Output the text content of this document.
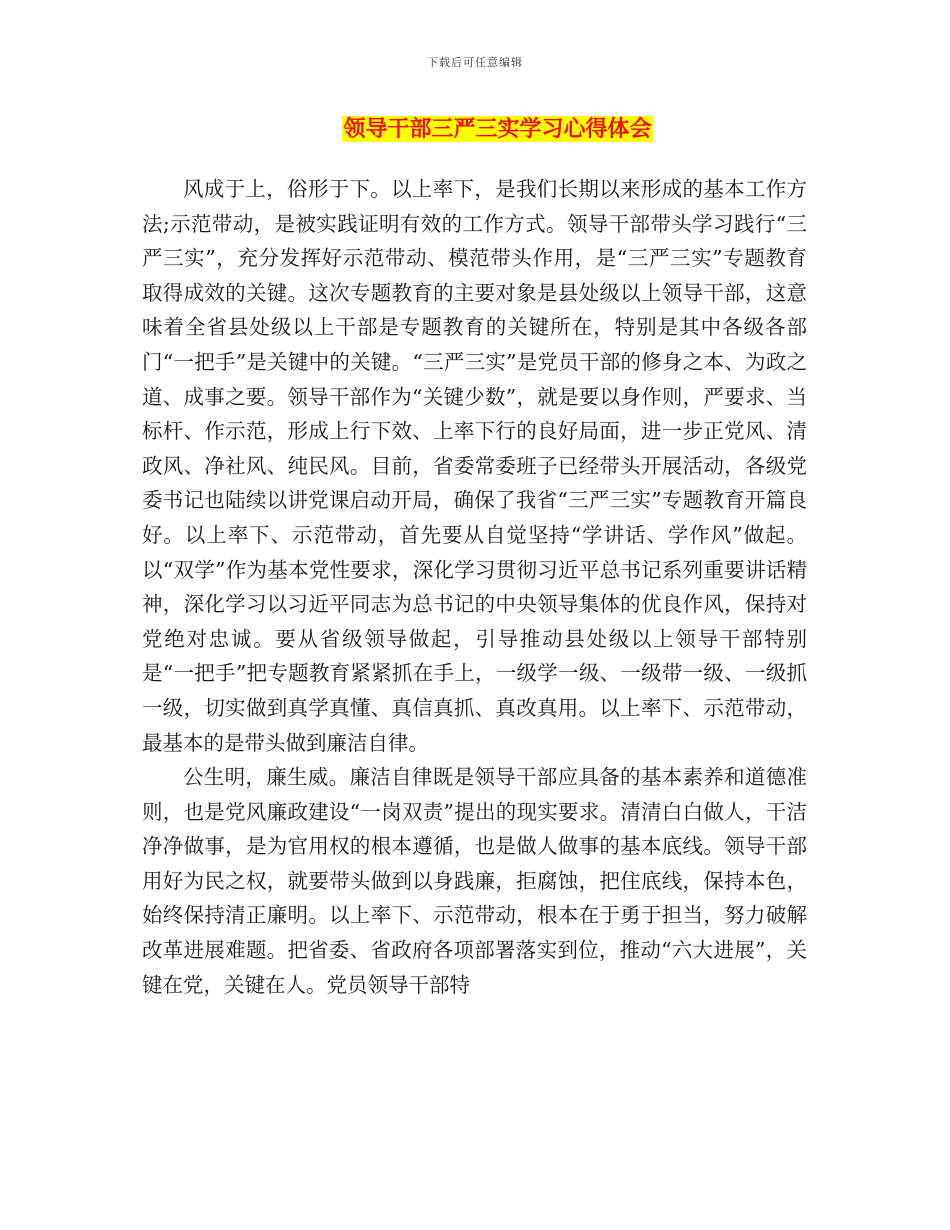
下载后可任意编辑
领导干部三严三实学习心得体会

风成于上，俗形于下。以上率下，是我们长期以来形成的基本工作方法;示范带动，是被实践证明有效的工作方式。领导干部带头学习践行“三严三实”，充分发挥好示范带动、模范带头作用，是“三严三实”专题教育取得成效的关键。这次专题教育的主要对象是县处级以上领导干部，这意味着全省县处级以上干部是专题教育的关键所在，特别是其中各级各部门“一把手”是关键中的关键。“三严三实”是党员干部的修身之本、为政之道、成事之要。领导干部作为“关键少数”，就是要以身作则，严要求、当标杆、作示范，形成上行下效、上率下行的良好局面，进一步正党风、清政风、净社风、纯民风。目前，省委常委班子已经带头开展活动，各级党委书记也陆续以讲党课启动开局，确保了我省“三严三实”专题教育开篇良好。以上率下、示范带动，首先要从自觉坚持“学讲话、学作风”做起。以“双学”作为基本党性要求，深化学习贯彻习近平总书记系列重要讲话精神，深化学习以习近平同志为总书记的中央领导集体的优良作风，保持对党绝对忠诚。要从省级领导做起，引导推动县处级以上领导干部特别是“一把手”把专题教育紧紧抓在手上，一级学一级、一级带一级、一级抓一级，切实做到真学真懂、真信真抓、真改真用。以上率下、示范带动，最基本的是带头做到廉洁自律。

公生明，廉生威。廉洁自律既是领导干部应具备的基本素养和道德准则，也是党风廉政建设“一岗双责”提出的现实要求。清清白白做人，干洁净净做事，是为官用权的根本遵循，也是做人做事的基本底线。领导干部用好为民之权，就要带头做到以身践廉，拒腐蚀，把住底线，保持本色，始终保持清正廉明。以上率下、示范带动，根本在于勇于担当，努力破解改革进展难题。把省委、省政府各项部署落实到位，推动“六大进展”，关键在党，关键在人。党员领导干部特
